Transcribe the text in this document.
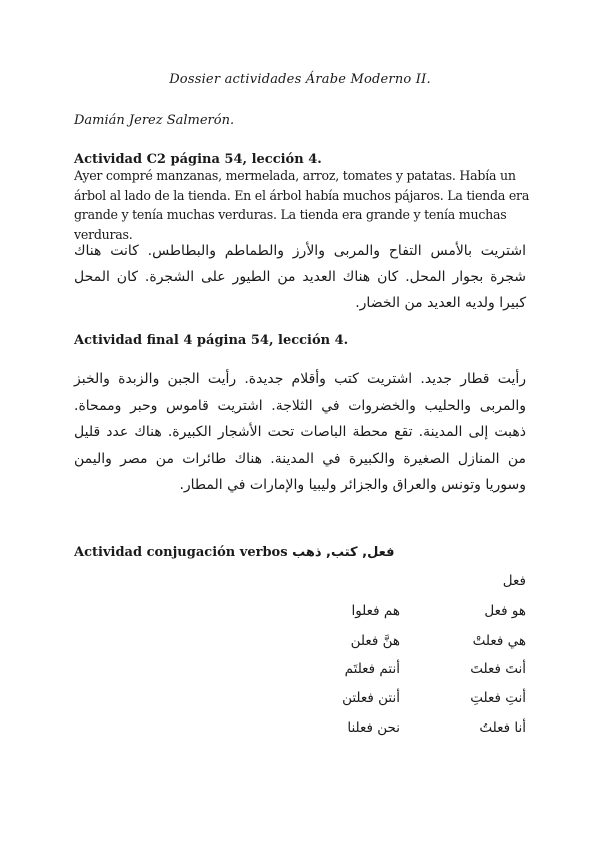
Dossier actividades Árabe Moderno II.
Damián Jerez Salmerón.
Actividad C2 página 54, lección 4.
Ayer compré manzanas, mermelada, arroz, tomates y patatas. Había un árbol al lado de la tienda. En el árbol había muchos pájaros. La tienda era grande y tenía muchas verduras. La tienda era grande y tenía muchas verduras.
اشتريت بالأمس التفاح والمربى والأرز والطماطم والبطاطس. كانت هناك شجرة بجوار المحل. كان هناك العديد من الطيور على الشجرة. كان المحل كبيرا ولديه العديد من الخضار.
Actividad final 4 página 54, lección 4.
رأيت قطار جديد. اشتريت كتب وأقلام جديدة. رأيت الجبن والزبدة والخبز والمربى والحليب والخضروات في الثلاجة. اشتريت قاموس وحبر وممحاة. ذهبت إلى المدينة. تقع محطة الباصات تحت الأشجار الكبيرة. هناك عدد قليل من المنازل الصغيرة والكبيرة في المدينة. هناك طائرات من مصر واليمن وسوريا وتونس والعراق والجزائر وليبيا والإمارات في المطار.
Actividad conjugación verbos فعل, كتب, ذهب
فعل
هو فعل
هم فعلوا
هي فعلتْ
هنَّ فعلن
أنتَ فعلتَ
أنتم فعلتَم
أنتِ فعلتِ
أنتن فعلتن
أنا فعلتُ
نحن فعلنا
